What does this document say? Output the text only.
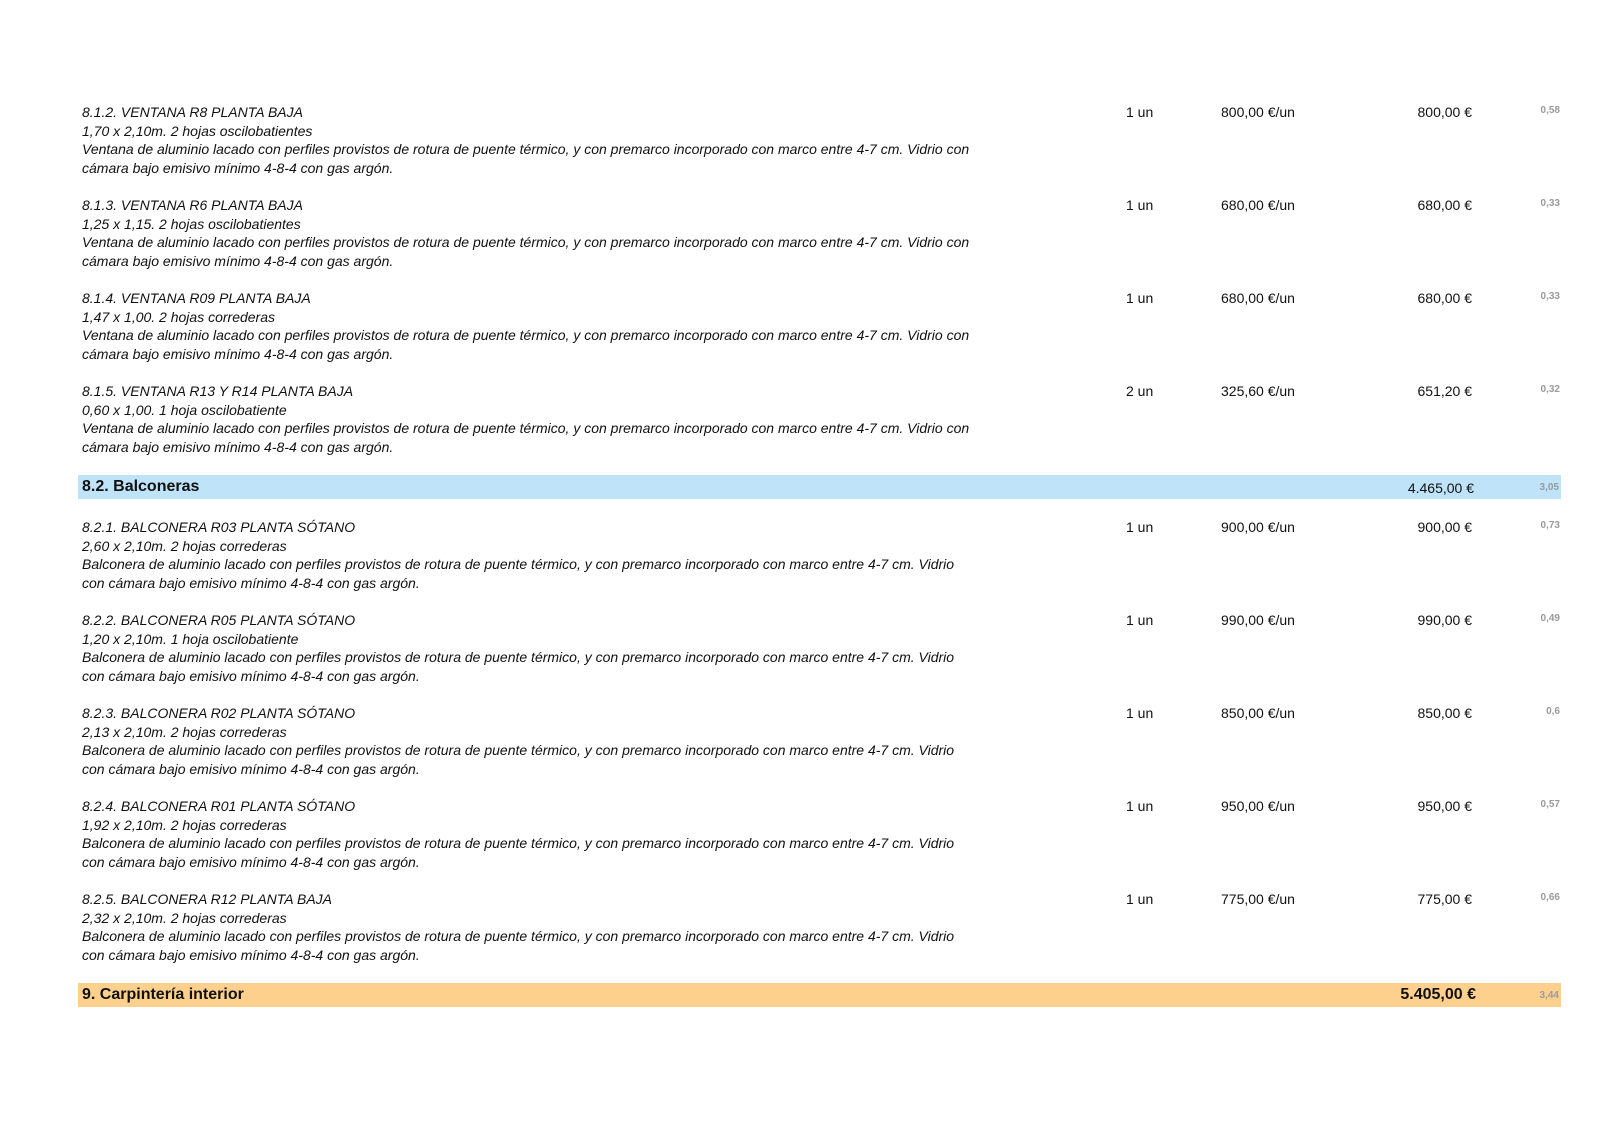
8.1.2. VENTANA R8 PLANTA BAJA
1,70 x 2,10m. 2 hojas oscilobatientes
Ventana de aluminio lacado con perfiles provistos de rotura de puente térmico, y con premarco incorporado con marco entre 4-7 cm. Vidrio con
cámara bajo emisivo mínimo 4-8-4 con gas argón.
1 un	800,00 €/un	800,00 €	0,58
8.1.3. VENTANA R6 PLANTA BAJA
1,25 x 1,15. 2 hojas oscilobatientes
Ventana de aluminio lacado con perfiles provistos de rotura de puente térmico, y con premarco incorporado con marco entre 4-7 cm. Vidrio con
cámara bajo emisivo mínimo 4-8-4 con gas argón.
1 un	680,00 €/un	680,00 €	0,33
8.1.4. VENTANA R09 PLANTA BAJA
1,47 x 1,00. 2 hojas correderas
Ventana de aluminio lacado con perfiles provistos de rotura de puente térmico, y con premarco incorporado con marco entre 4-7 cm. Vidrio con
cámara bajo emisivo mínimo 4-8-4 con gas argón.
1 un	680,00 €/un	680,00 €	0,33
8.1.5. VENTANA R13 Y R14 PLANTA BAJA
0,60 x 1,00. 1 hoja oscilobatiente
Ventana de aluminio lacado con perfiles provistos de rotura de puente térmico, y con premarco incorporado con marco entre 4-7 cm. Vidrio con
cámara bajo emisivo mínimo 4-8-4 con gas argón.
2 un	325,60 €/un	651,20 €	0,32
8.2. Balconeras	4.465,00 €	3,05
8.2.1. BALCONERA R03 PLANTA SÓTANO
2,60 x 2,10m. 2 hojas correderas
Balconera de aluminio lacado con perfiles provistos de rotura de puente térmico, y con premarco incorporado con marco entre 4-7 cm. Vidrio
con cámara bajo emisivo mínimo 4-8-4 con gas argón.
1 un	900,00 €/un	900,00 €	0,73
8.2.2. BALCONERA R05 PLANTA SÓTANO
1,20 x 2,10m. 1 hoja oscilobatiente
Balconera de aluminio lacado con perfiles provistos de rotura de puente térmico, y con premarco incorporado con marco entre 4-7 cm. Vidrio
con cámara bajo emisivo mínimo 4-8-4 con gas argón.
1 un	990,00 €/un	990,00 €	0,49
8.2.3. BALCONERA R02 PLANTA SÓTANO
2,13 x 2,10m. 2 hojas correderas
Balconera de aluminio lacado con perfiles provistos de rotura de puente térmico, y con premarco incorporado con marco entre 4-7 cm. Vidrio
con cámara bajo emisivo mínimo 4-8-4 con gas argón.
1 un	850,00 €/un	850,00 €	0,6
8.2.4. BALCONERA R01 PLANTA SÓTANO
1,92 x 2,10m. 2 hojas correderas
Balconera de aluminio lacado con perfiles provistos de rotura de puente térmico, y con premarco incorporado con marco entre 4-7 cm. Vidrio
con cámara bajo emisivo mínimo 4-8-4 con gas argón.
1 un	950,00 €/un	950,00 €	0,57
8.2.5. BALCONERA R12 PLANTA BAJA
2,32 x 2,10m. 2 hojas correderas
Balconera de aluminio lacado con perfiles provistos de rotura de puente térmico, y con premarco incorporado con marco entre 4-7 cm. Vidrio
con cámara bajo emisivo mínimo 4-8-4 con gas argón.
1 un	775,00 €/un	775,00 €	0,66
9. Carpintería interior	5.405,00 €	3,44
